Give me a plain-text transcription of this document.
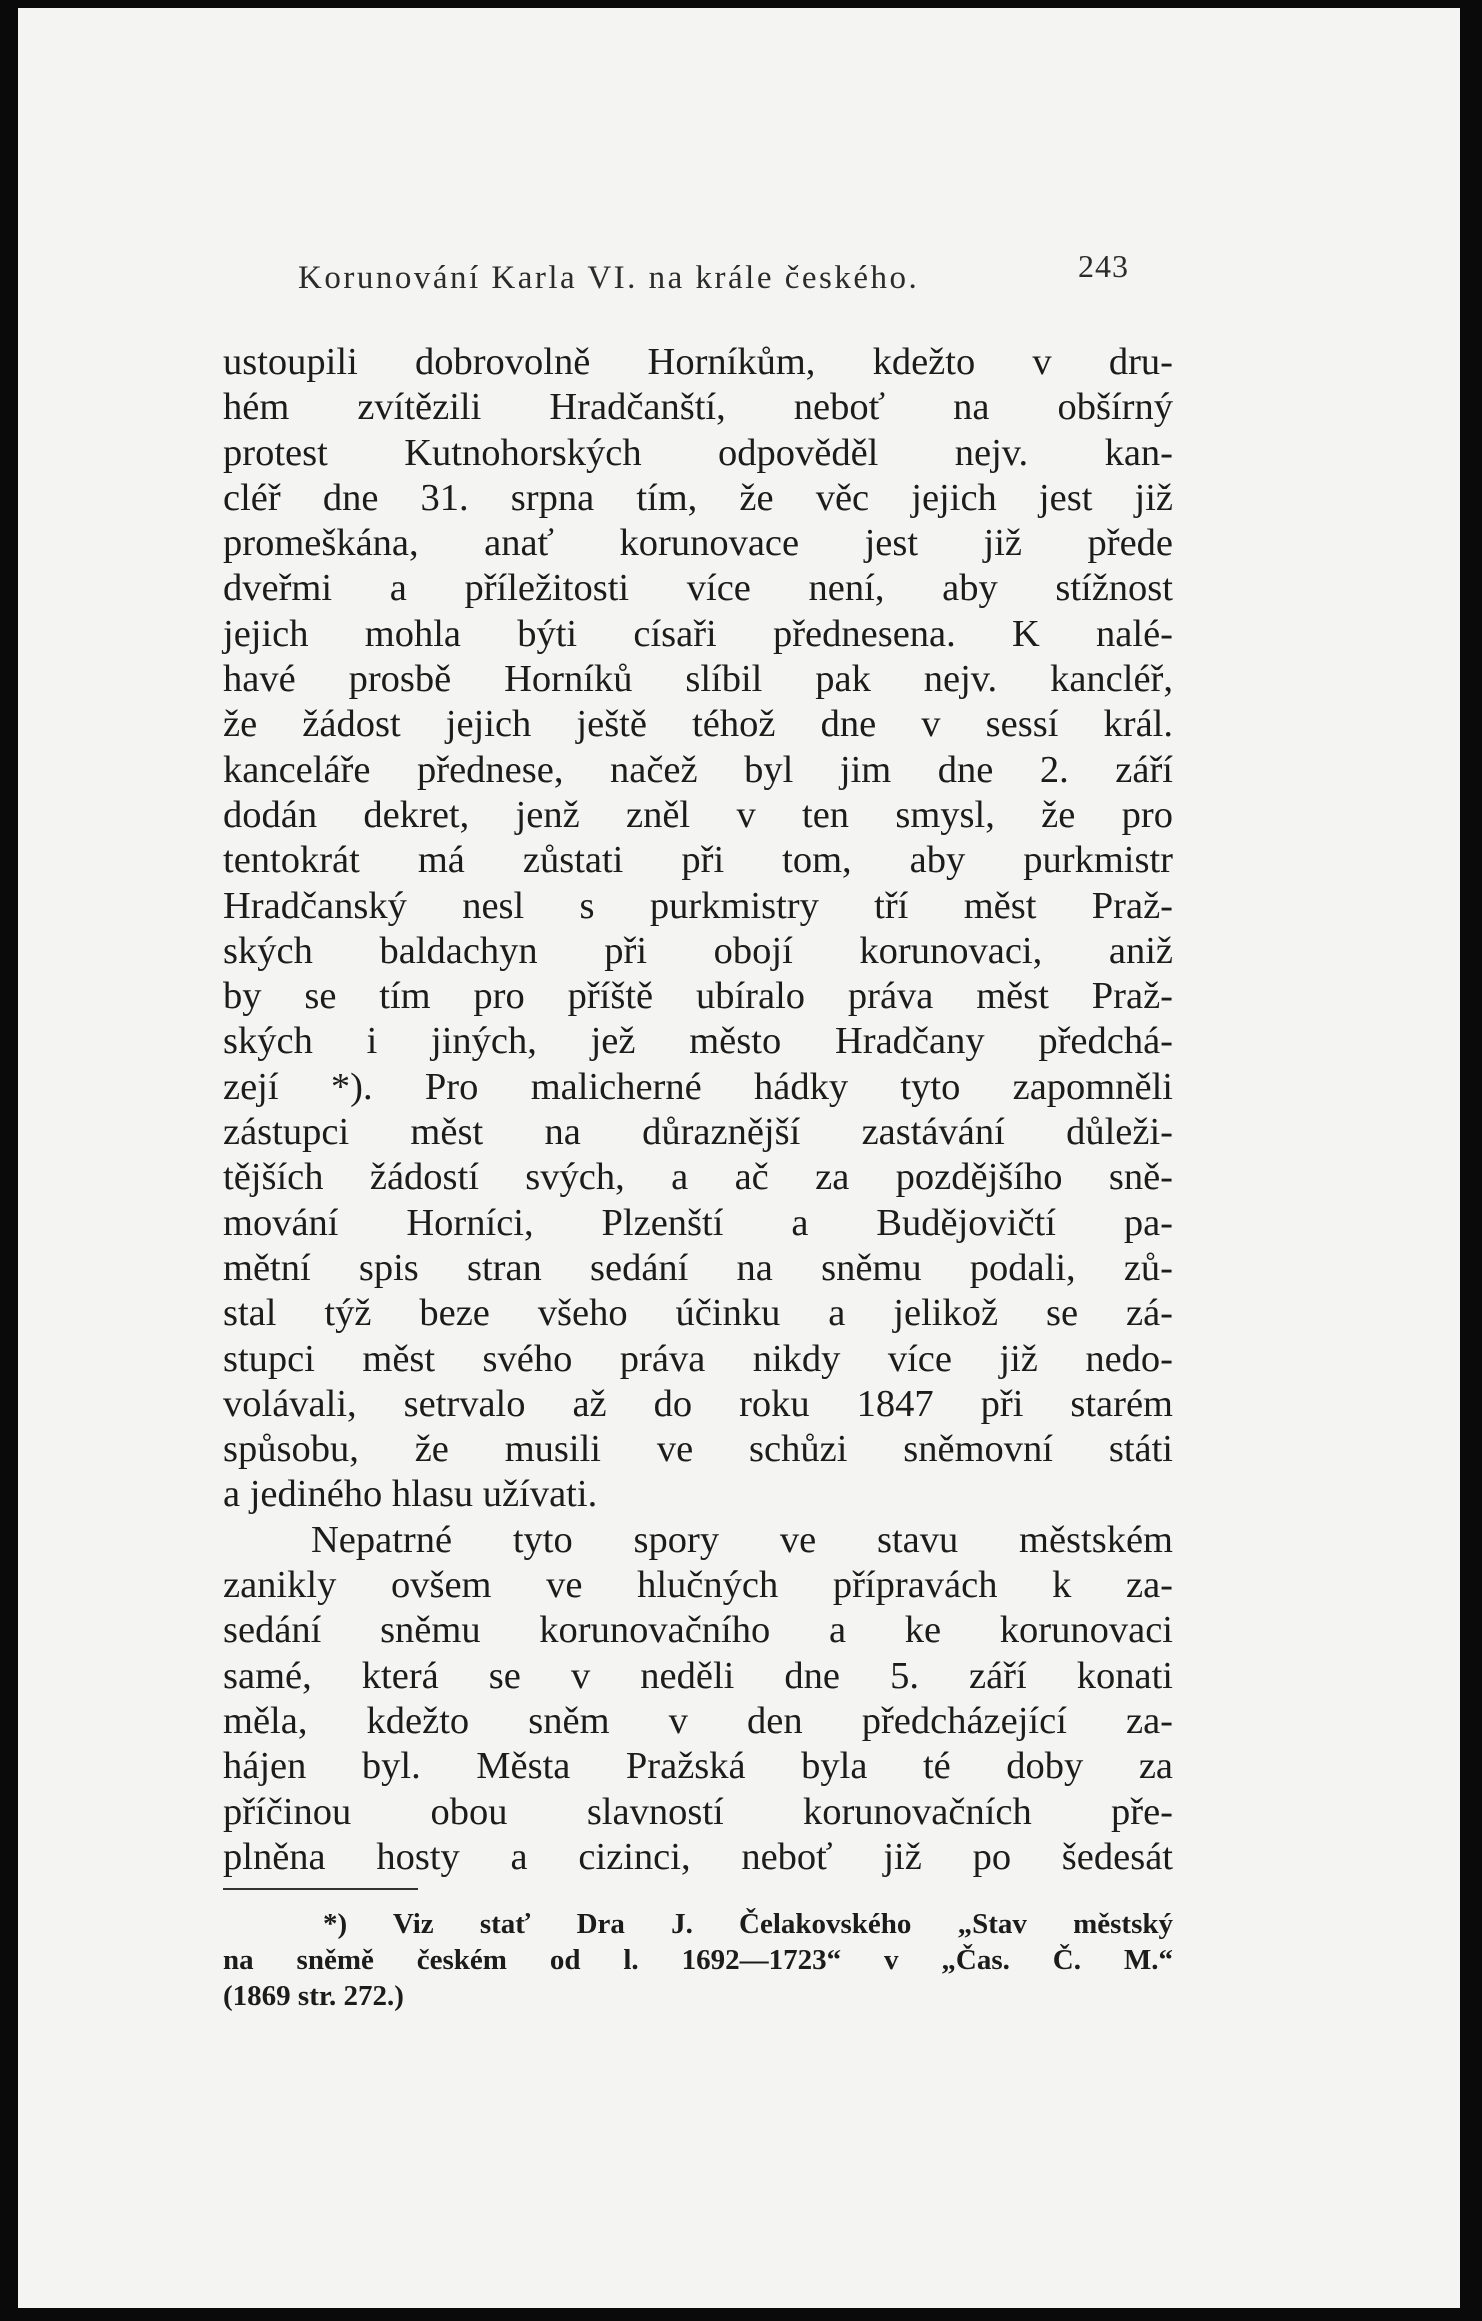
Korunování Karla VI. na krále českého.	243
ustoupili dobrovolně Horníkům, kdežto v dru-
hém zvítězili Hradčanští, neboť na obšírný
protest Kutnohorských odpověděl nejv. kan-
cléř dne 31. srpna tím, že věc jejich jest již
promeškána, anať korunovace jest již přede
dveřmi a příležitosti více není, aby stížnost
jejich mohla býti císaři přednesena. K nalé-
havé prosbě Horníků slíbil pak nejv. kancléř,
že žádost jejich ještě téhož dne v sessí král.
kanceláře přednese, načež byl jim dne 2. září
dodán dekret, jenž zněl v ten smysl, že pro
tentokrát má zůstati při tom, aby purkmistr
Hradčanský nesl s purkmistry tří měst Praž-
ských baldachyn při obojí korunovaci, aniž
by se tím pro příště ubíralo práva měst Praž-
ských i jiných, jež město Hradčany předchá-
zejí *). Pro malicherné hádky tyto zapomněli
zástupci měst na důraznější zastávání důleži-
tějších žádostí svých, a ač za pozdějšího sně-
mování Horníci, Plzenští a Budějovičtí pa-
mětní spis stran sedání na sněmu podali, zů-
stal týž beze všeho účinku a jelikož se zá-
stupci měst svého práva nikdy více již nedo-
volávali, setrvalo až do roku 1847 při starém
spůsobu, že musili ve schůzi sněmovní státi
a jediného hlasu užívati.
Nepatrné tyto spory ve stavu městském
zanikly ovšem ve hlučných přípravách k za-
sedání sněmu korunovačního a ke korunovaci
samé, která se v neděli dne 5. září konati
měla, kdežto sněm v den předcházející za-
hájen byl. Města Pražská byla té doby za
příčinou obou slavností korunovačních pře-
plněna hosty a cizinci, neboť již po šedesát
*) Viz stať Dra J. Čelakovského „Stav městský
na sněmě českém od l. 1692—1723“ v „Čas. Č. M.“
(1869 str. 272.)
